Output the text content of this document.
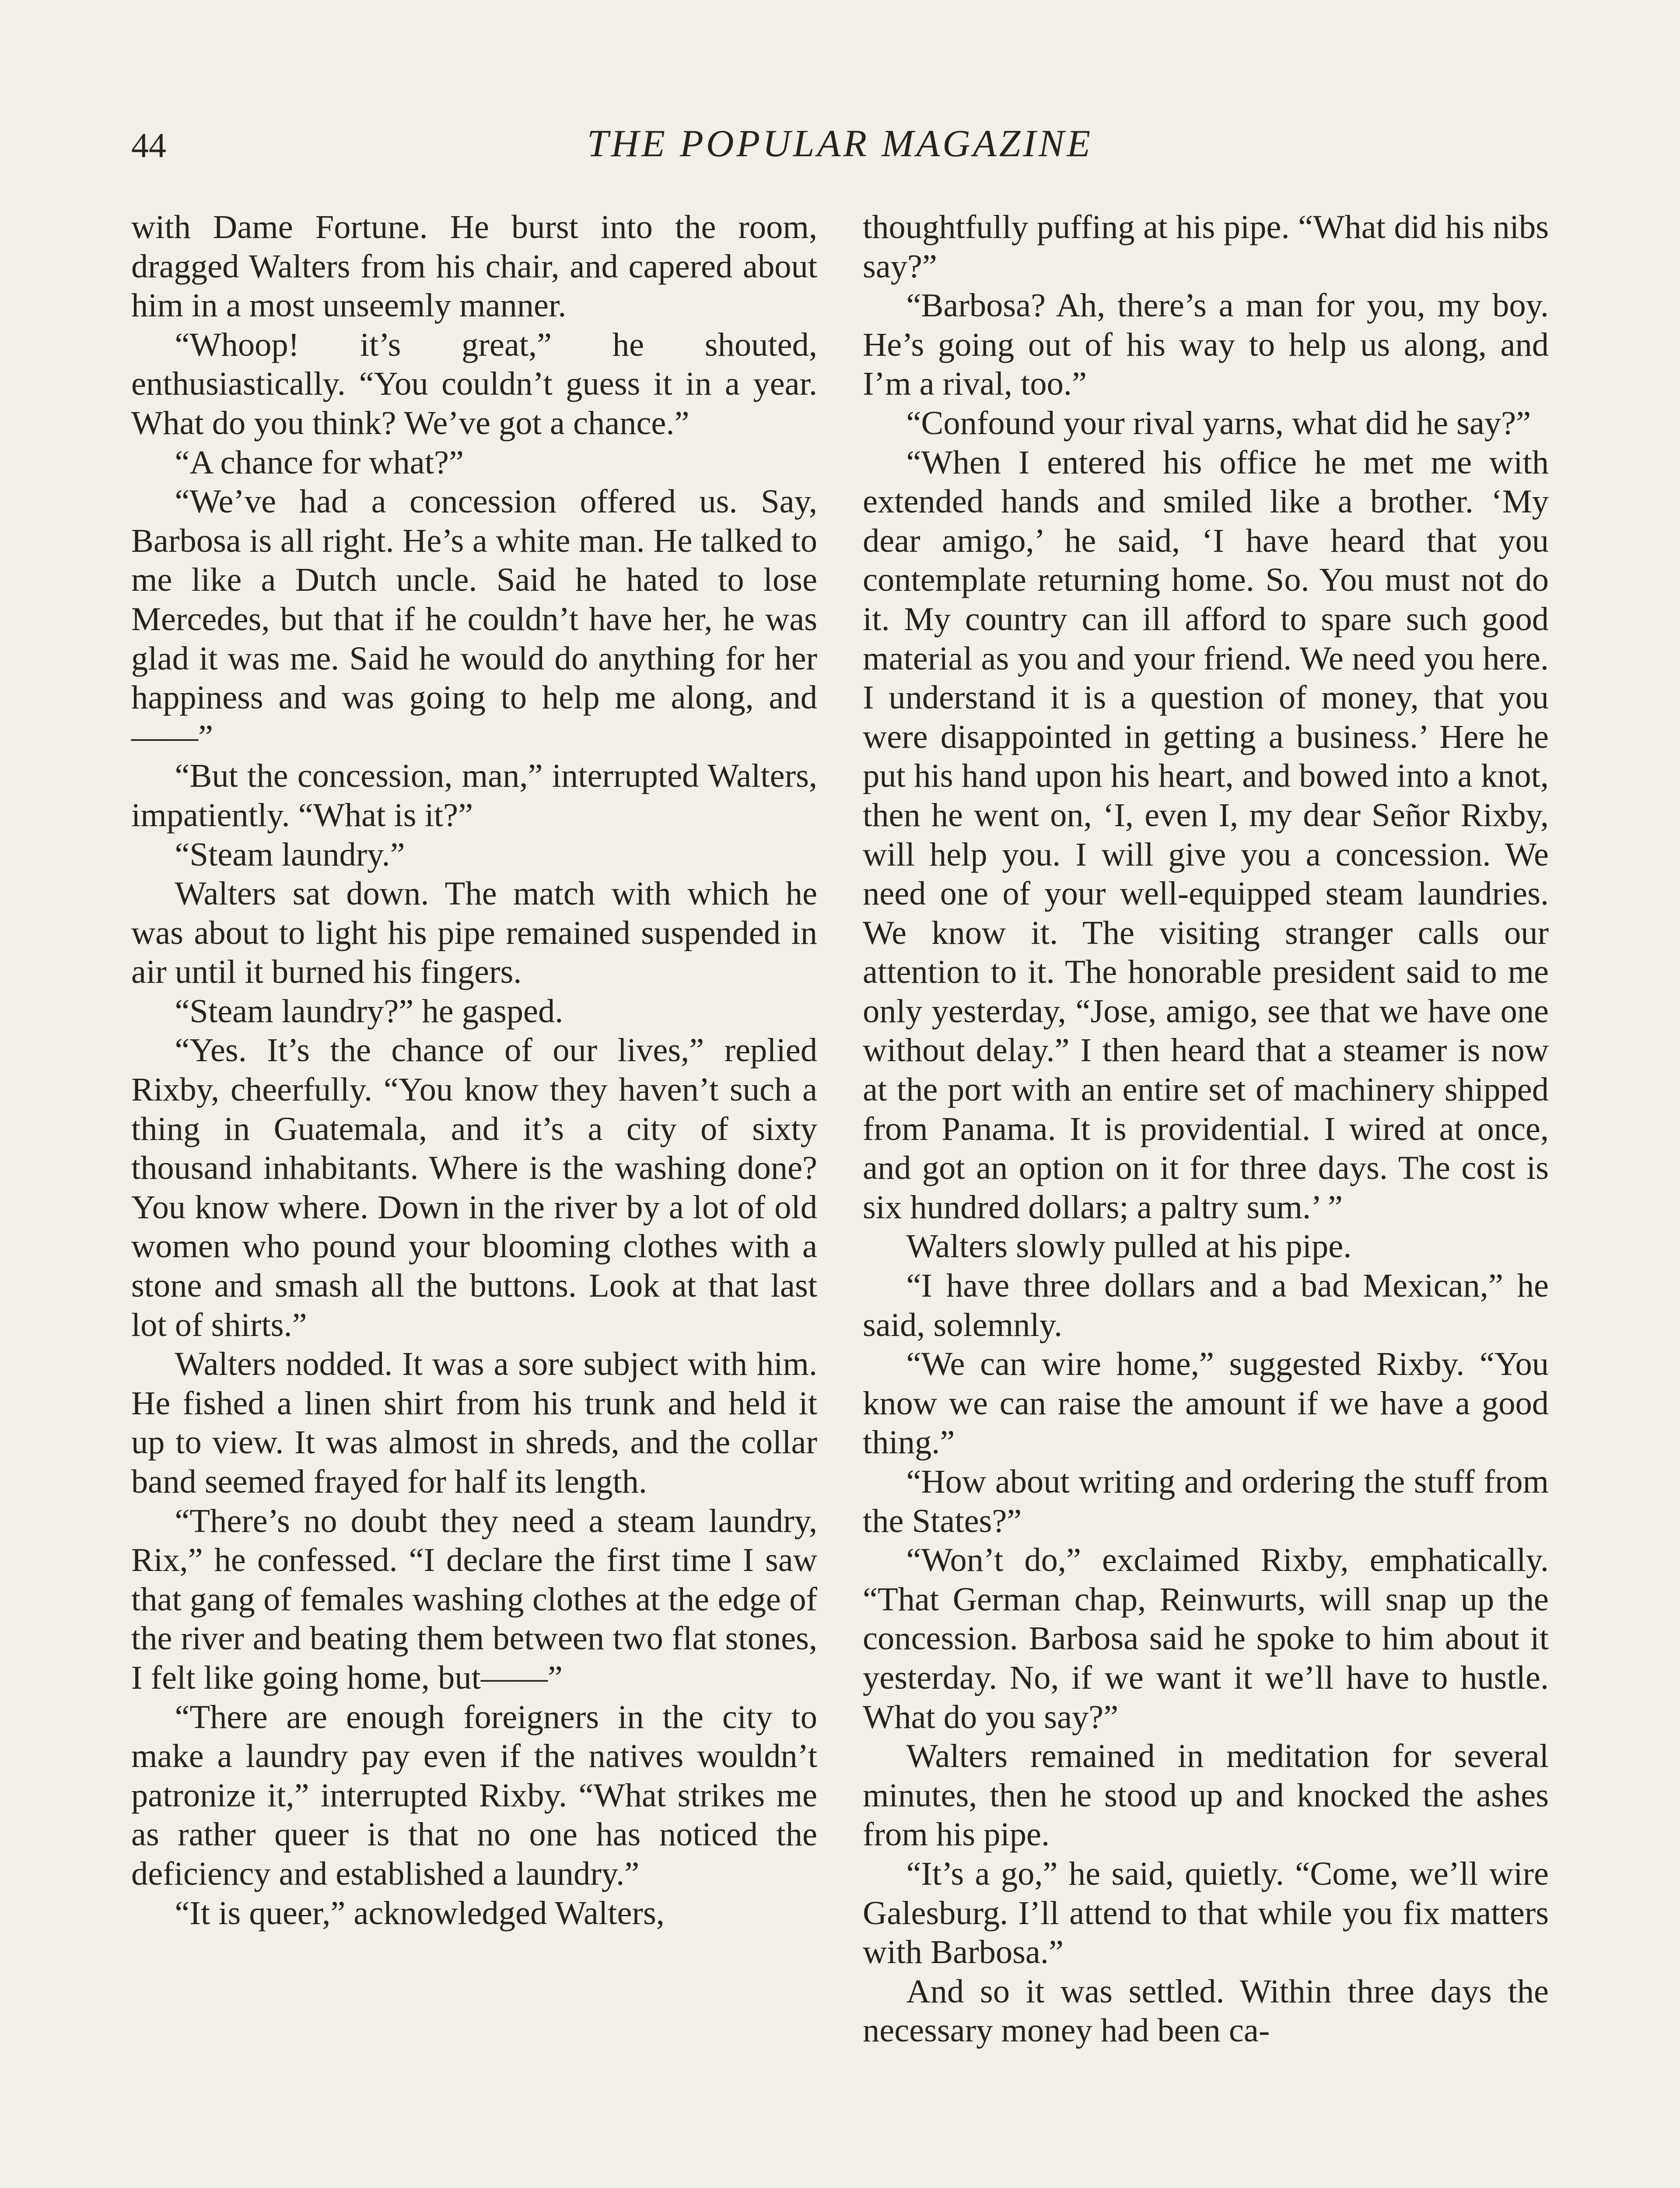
44	THE POPULAR MAGAZINE

with Dame Fortune. He burst into the room, dragged Walters from his chair, and capered about him in a most unseemly manner.

“Whoop! it’s great,” he shouted, enthusiastically. “You couldn’t guess it in a year. What do you think? We’ve got a chance.”

“A chance for what?”

“We’ve had a concession offered us. Say, Barbosa is all right. He’s a white man. He talked to me like a Dutch uncle. Said he hated to lose Mercedes, but that if he couldn’t have her, he was glad it was me. Said he would do anything for her happiness and was going to help me along, and——”

“But the concession, man,” interrupted Walters, impatiently. “What is it?”

“Steam laundry.”

Walters sat down. The match with which he was about to light his pipe remained suspended in air until it burned his fingers.

“Steam laundry?” he gasped.

“Yes. It’s the chance of our lives,” replied Rixby, cheerfully. “You know they haven’t such a thing in Guatemala, and it’s a city of sixty thousand inhabitants. Where is the washing done? You know where. Down in the river by a lot of old women who pound your blooming clothes with a stone and smash all the buttons. Look at that last lot of shirts.”

Walters nodded. It was a sore subject with him. He fished a linen shirt from his trunk and held it up to view. It was almost in shreds, and the collar band seemed frayed for half its length.

“There’s no doubt they need a steam laundry, Rix,” he confessed. “I declare the first time I saw that gang of females washing clothes at the edge of the river and beating them between two flat stones, I felt like going home, but——”

“There are enough foreigners in the city to make a laundry pay even if the natives wouldn’t patronize it,” interrupted Rixby. “What strikes me as rather queer is that no one has noticed the deficiency and established a laundry.”

“It is queer,” acknowledged Walters,

thoughtfully puffing at his pipe. “What did his nibs say?”

“Barbosa? Ah, there’s a man for you, my boy. He’s going out of his way to help us along, and I’m a rival, too.”

“Confound your rival yarns, what did he say?”

“When I entered his office he met me with extended hands and smiled like a brother. ‘My dear amigo,’ he said, ‘I have heard that you contemplate returning home. So. You must not do it. My country can ill afford to spare such good material as you and your friend. We need you here. I understand it is a question of money, that you were disappointed in getting a business.’ Here he put his hand upon his heart, and bowed into a knot, then he went on, ‘I, even I, my dear Señor Rixby, will help you. I will give you a concession. We need one of your well-equipped steam laundries. We know it. The visiting stranger calls our attention to it. The honorable president said to me only yesterday, “Jose, amigo, see that we have one without delay.” I then heard that a steamer is now at the port with an entire set of machinery shipped from Panama. It is providential. I wired at once, and got an option on it for three days. The cost is six hundred dollars; a paltry sum.’ ”

Walters slowly pulled at his pipe.

“I have three dollars and a bad Mexican,” he said, solemnly.

“We can wire home,” suggested Rixby. “You know we can raise the amount if we have a good thing.”

“How about writing and ordering the stuff from the States?”

“Won’t do,” exclaimed Rixby, emphatically. “That German chap, Reinwurts, will snap up the concession. Barbosa said he spoke to him about it yesterday. No, if we want it we’ll have to hustle. What do you say?”

Walters remained in meditation for several minutes, then he stood up and knocked the ashes from his pipe.

“It’s a go,” he said, quietly. “Come, we’ll wire Galesburg. I’ll attend to that while you fix matters with Barbosa.”

And so it was settled. Within three days the necessary money had been ca-
